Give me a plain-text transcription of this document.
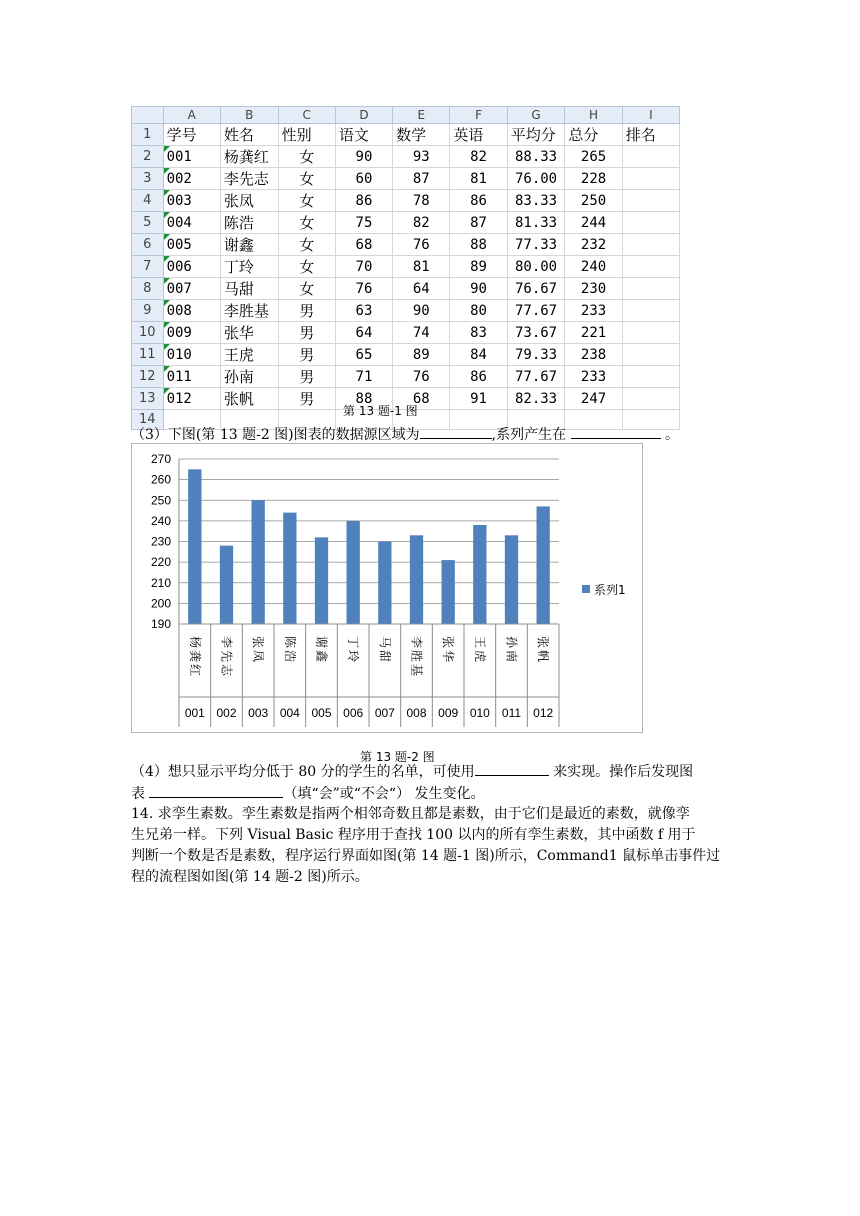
	A	B	C	D	E	F	G	H	I
1	学号	姓名	性别	语文	数学	英语	平均分	总分	排名
2	001	杨龚红	女	90	93	82	88.33	265	
3	002	李先志	女	60	87	81	76.00	228	
4	003	张凤	女	86	78	86	83.33	250	
5	004	陈浩	女	75	82	87	81.33	244	
6	005	谢鑫	女	68	76	88	77.33	232	
7	006	丁玲	女	70	81	89	80.00	240	
8	007	马甜	女	76	64	90	76.67	230	
9	008	李胜基	男	63	90	80	77.67	233	
10	009	张华	男	64	74	83	73.67	221	
11	010	王虎	男	65	89	84	79.33	238	
12	011	孙南	男	71	76	86	77.67	233	
13	012	张帆	男	88	68	91	82.33	247	
14									
第 13 题-1 图
（3）下图(第 13 题-2 图)图表的数据源区域为	,系列产生在	。
190
200
210
220
230
240
250
260
270
杨
龚
红
李
先
志
张
凤
陈
浩
谢
鑫
丁
玲
马
甜
李
胜
基
张
华
王
虎
孙
南
张
帆
001 002 003 004 005 006 007 008 009 010 011 012
系列1
第 13 题-2 图
（4）想只显示平均分低于 80 分的学生的名单，可使用	来实现。操作后发现图
表	（填“会”或“不会“） 发生变化。
14. 求孪生素数。孪生素数是指两个相邻奇数且都是素数，由于它们是最近的素数，就像孪
生兄弟一样。下列 Visual Basic 程序用于查找 100 以内的所有孪生素数，其中函数 f 用于
判断一个数是否是素数，程序运行界面如图(第 14 题-1 图)所示，Command1 鼠标单击事件过
程的流程图如图(第 14 题-2 图)所示。
